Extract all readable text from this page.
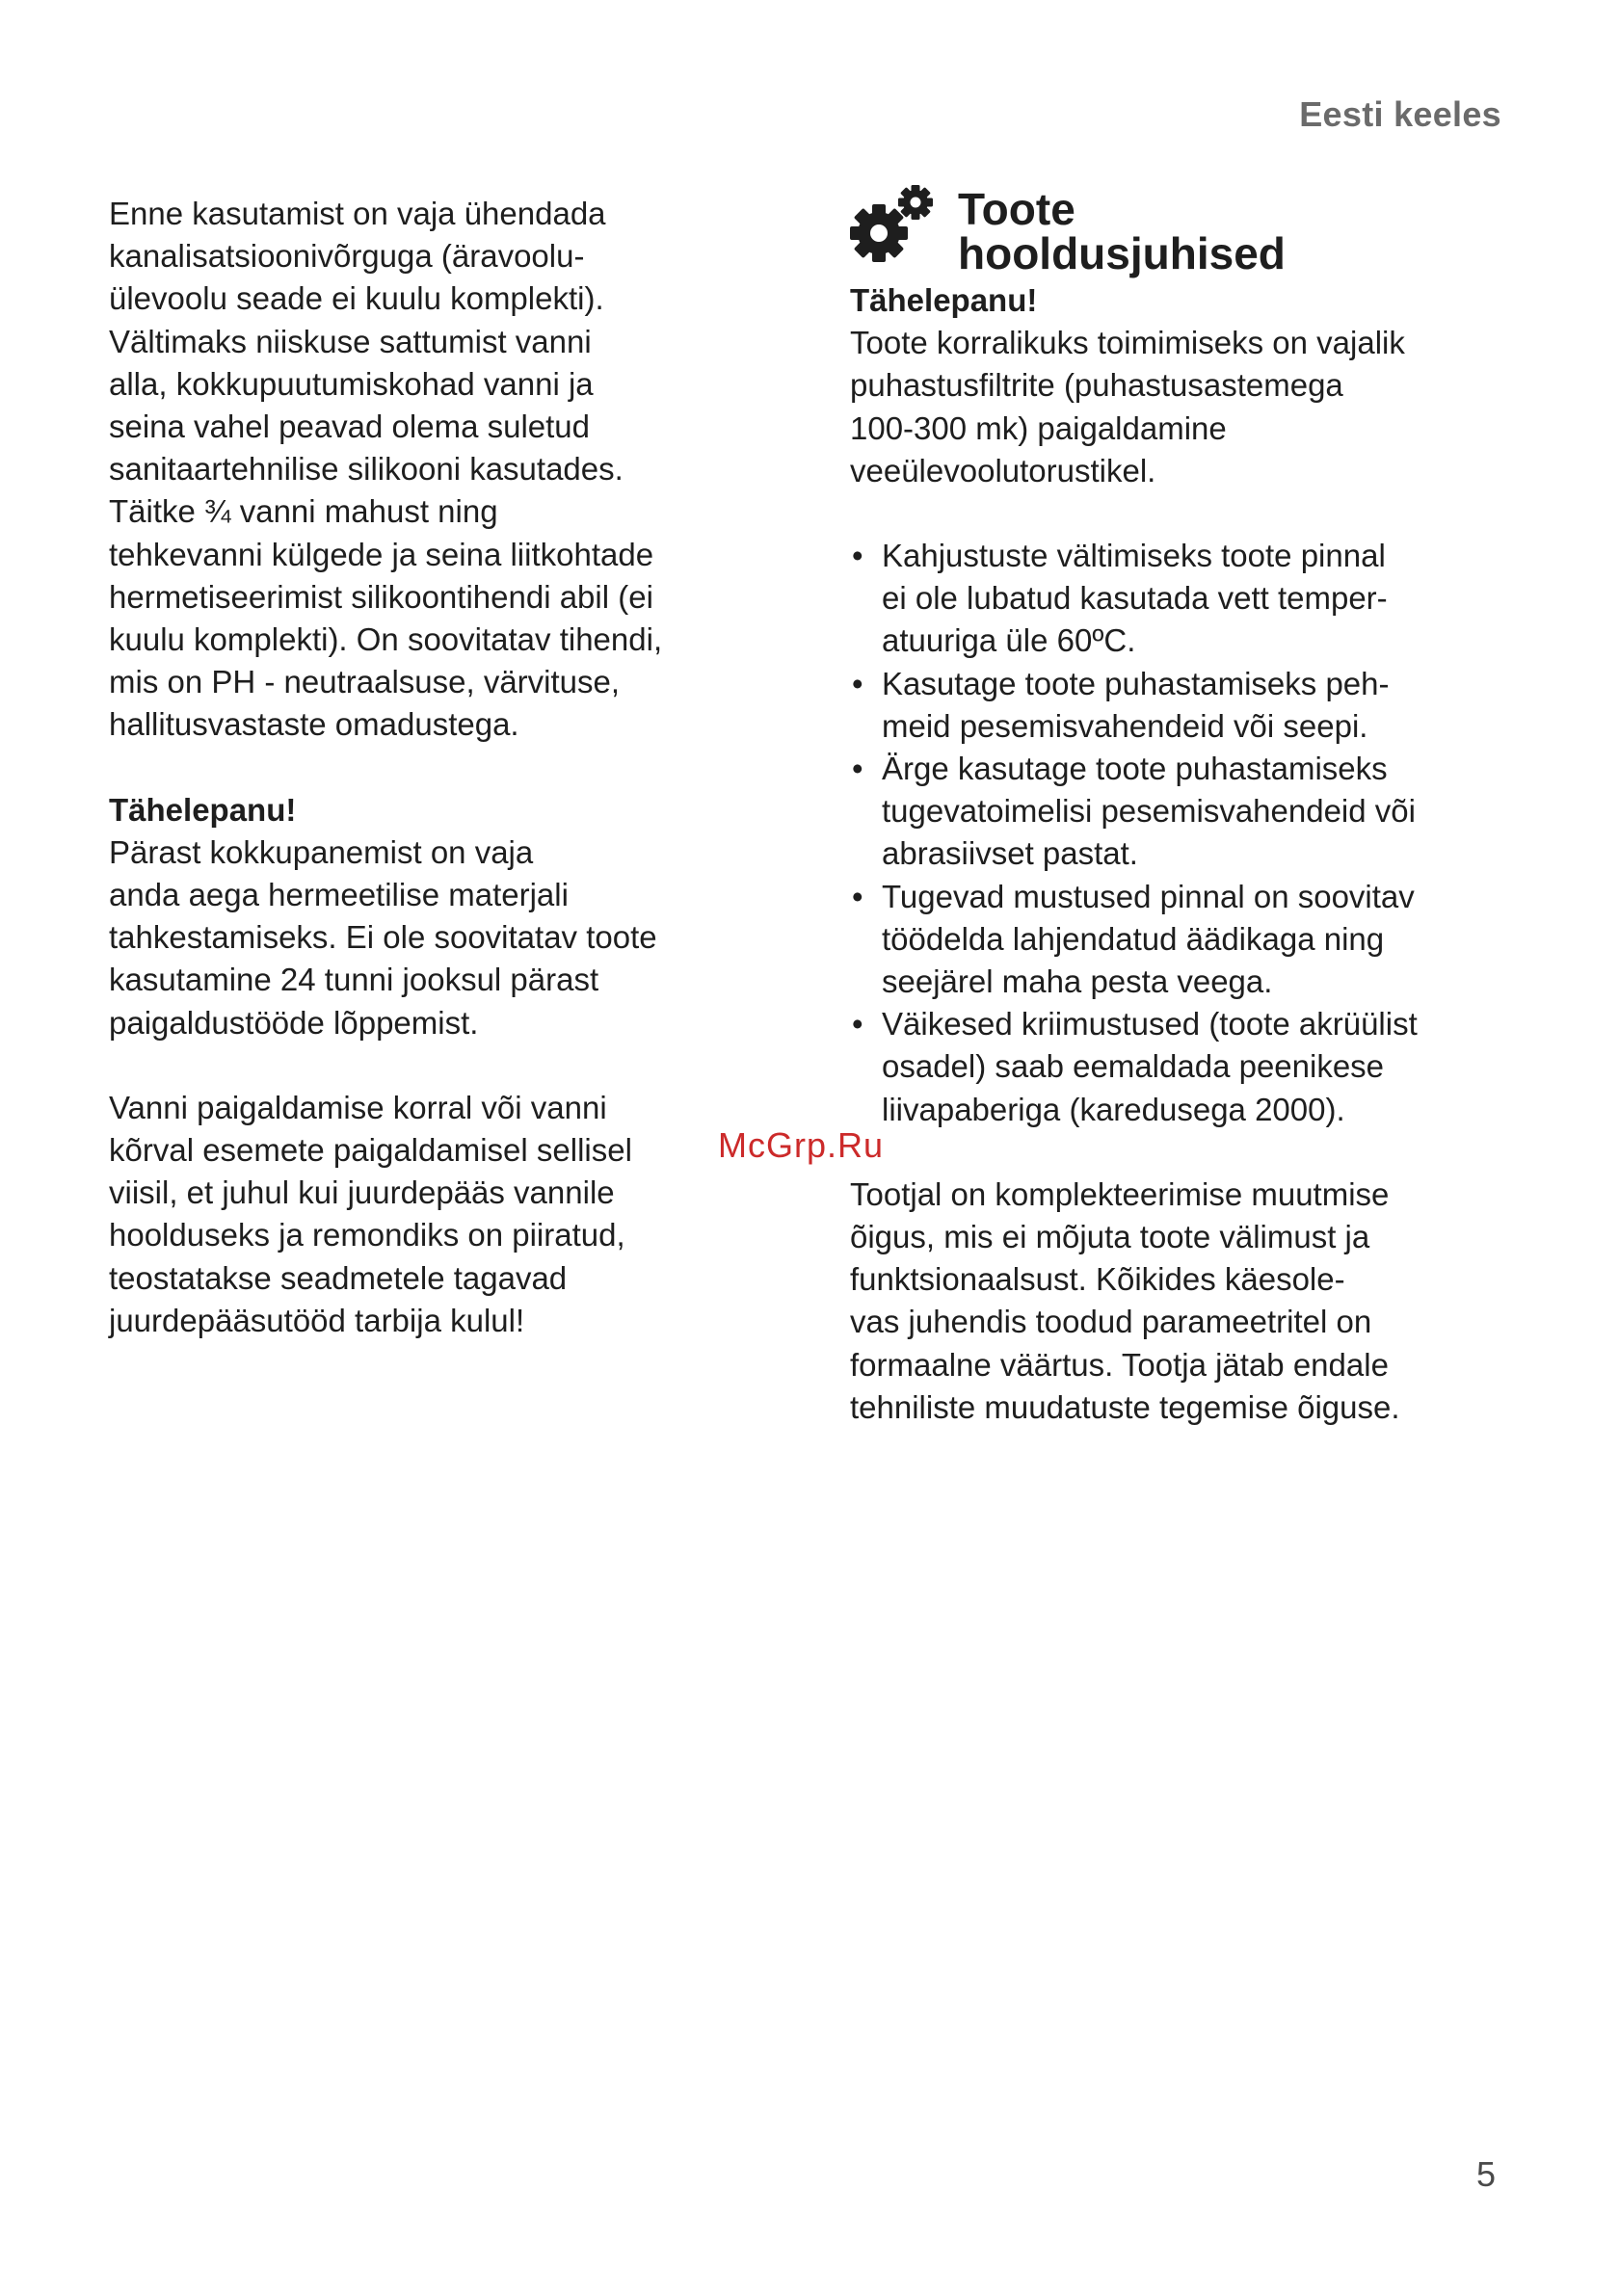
Eesti keeles
Enne kasutamist on vaja ühendada
kanalisatsioonivõrguga (äravoolu-
ülevoolu seade ei kuulu komplekti).
Vältimaks niiskuse sattumist vanni
alla, kokkupuutumiskohad vanni ja
seina vahel peavad olema suletud
sanitaartehnilise silikooni kasutades.
Täitke ¾ vanni mahust ning
tehkevanni külgede ja seina liitkohtade
hermetiseerimist silikoontihendi abil (ei
kuulu komplekti). On soovitatav tihendi,
mis on PH - neutraalsuse, värvituse,
hallitusvastaste omadustega.
Tähelepanu!
Pärast kokkupanemist on vaja
anda aega hermeetilise materjali
tahkestamiseks. Ei ole soovitatav toote
kasutamine 24 tunni jooksul pärast
paigaldustööde lõppemist.
Vanni paigaldamise korral või vanni
kõrval esemete paigaldamisel sellisel
viisil, et juhul kui juurdepääs vannile
hoolduseks ja remondiks on piiratud,
teostatakse seadmetele tagavad
juurdepääsutööd tarbija kulul!
Toote
hooldusjuhised
Tähelepanu!
Toote korralikuks toimimiseks on vajalik
puhastusfiltrite (puhastusastemega
100-300 mk) paigaldamine
veeülevoolutorustikel.
• Kahjustuste vältimiseks toote pinnal
ei ole lubatud kasutada vett temper-
atuuriga üle 60ºC.
• Kasutage toote puhastamiseks peh-
meid pesemisvahendeid või seepi.
• Ärge kasutage toote puhastamiseks
tugevatoimelisi pesemisvahendeid või
abrasiivset pastat.
• Tugevad mustused pinnal on soovitav
töödelda lahjendatud äädikaga ning
seejärel maha pesta veega.
• Väikesed kriimustused (toote akrüülist
osadel) saab eemaldada peenikese
liivapaberiga (karedusega 2000).
Tootjal on komplekteerimise muutmise
õigus, mis ei mõjuta toote välimust ja
funktsionaalsust. Kõikides käesole-
vas juhendis toodud parameetritel on
formaalne väärtus. Tootja jätab endale
tehniliste muudatuste tegemise õiguse.
McGrp.Ru
5
